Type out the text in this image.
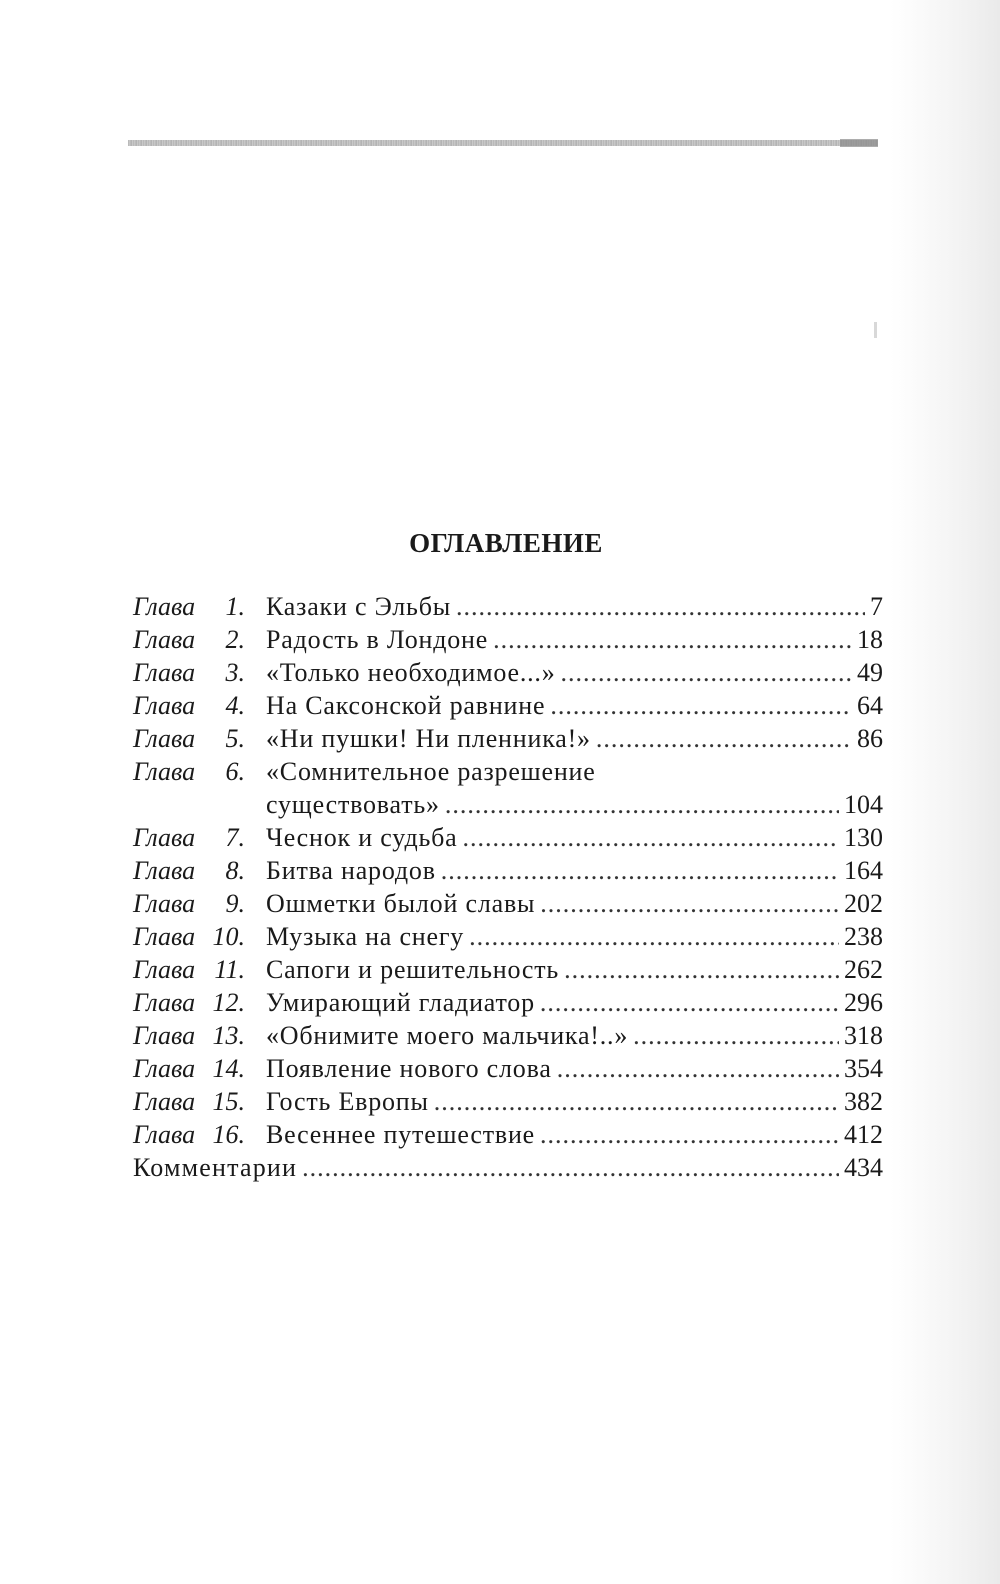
ОГЛАВЛЕНИЕ
Глава	1. Казаки с Эльбы .....	7
Глава	2. Радость в Лондоне .....	18
Глава	3. «Только необходимое...» .....	49
Глава	4. На Саксонской равнине .....	64
Глава	5. «Ни пушки! Ни пленника!» .....	86
Глава	6. «Сомнительное разрешение
существовать» .....	104
Глава	7. Чеснок и судьба .....	130
Глава	8. Битва народов .....	164
Глава	9. Ошметки былой славы .....	202
Глава 10. Музыка на снегу .....	238
Глава 11. Сапоги и решительность .....	262
Глава 12. Умирающий гладиатор .....	296
Глава 13. «Обнимите моего мальчика!..» .....	318
Глава 14. Появление нового слова .....	354
Глава 15. Гость Европы .....	382
Глава 16. Весеннее путешествие .....	412
Комментарии .....	434
